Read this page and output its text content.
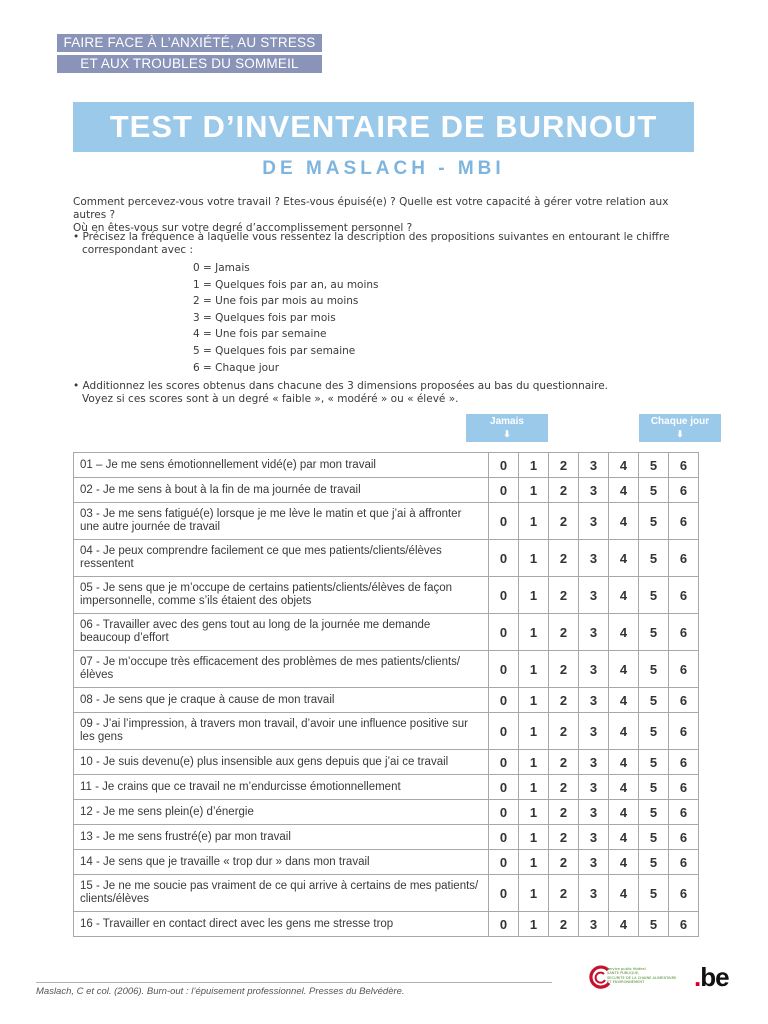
FAIRE FACE À L’ANXIÉTÉ, AU STRESS
ET AUX TROUBLES DU SOMMEIL
TEST D’INVENTAIRE DE BURNOUT
DE MASLACH - MBI

Comment percevez-vous votre travail ? Etes-vous épuisé(e) ? Quelle est votre capacité à gérer votre relation aux autres ?

Où en êtes-vous sur votre degré d’accomplissement personnel ?

• Précisez la fréquence à laquelle vous ressentez la description des propositions suivantes en entourant le chiffre
correspondant avec :
0 = Jamais
1 = Quelques fois par an, au moins
2 = Une fois par mois au moins
3 = Quelques fois par mois
4 = Une fois par semaine
5 = Quelques fois par semaine
6 = Chaque jour
• Additionnez les scores obtenus dans chacune des 3 dimensions proposées au bas du questionnaire.
Voyez si ces scores sont à un degré « faible », « modéré » ou « élevé ».
Jamais
⬇
Chaque jour
⬇
01 – Je me sens émotionnellement vidé(e) par mon travail	0	1	2	3	4	5	6
02 - Je me sens à bout à la fin de ma journée de travail	0	1	2	3	4	5	6
03 - Je me sens fatigué(e) lorsque je me lève le matin et que j’ai à affronter une autre journée de travail	0	1	2	3	4	5	6
04 - Je peux comprendre facilement ce que mes patients/clients/élèves ressentent	0	1	2	3	4	5	6
05 - Je sens que je m’occupe de certains patients/clients/élèves de façon impersonnelle, comme s’ils étaient des objets	0	1	2	3	4	5	6
06 - Travailler avec des gens tout au long de la journée me demande beaucoup d’effort	0	1	2	3	4	5	6
07 - Je m’occupe très efficacement des problèmes de mes patients/clients/ élèves	0	1	2	3	4	5	6
08 - Je sens que je craque à cause de mon travail	0	1	2	3	4	5	6
09 - J’ai l’impression, à travers mon travail, d’avoir une influence positive sur les gens	0	1	2	3	4	5	6
10 - Je suis devenu(e) plus insensible aux gens depuis que j’ai ce travail	0	1	2	3	4	5	6
11 - Je crains que ce travail ne m’endurcisse émotionnellement	0	1	2	3	4	5	6
12 - Je me sens plein(e) d’énergie	0	1	2	3	4	5	6
13 - Je me sens frustré(e) par mon travail	0	1	2	3	4	5	6
14 - Je sens que je travaille « trop dur » dans mon travail	0	1	2	3	4	5	6
15 - Je ne me soucie pas vraiment de ce qui arrive à certains de mes patients/ clients/élèves	0	1	2	3	4	5	6
16 - Travailler en contact direct avec les gens me stresse trop	0	1	2	3	4	5	6
Maslach, C et col. (2006). Burn-out : l’épuisement professionnel. Presses du Belvédère.
service public fédéral
SANTE PUBLIQUE,
SECURITE DE LA CHAINE ALIMENTAIRE
ET ENVIRONNEMENT	.be
